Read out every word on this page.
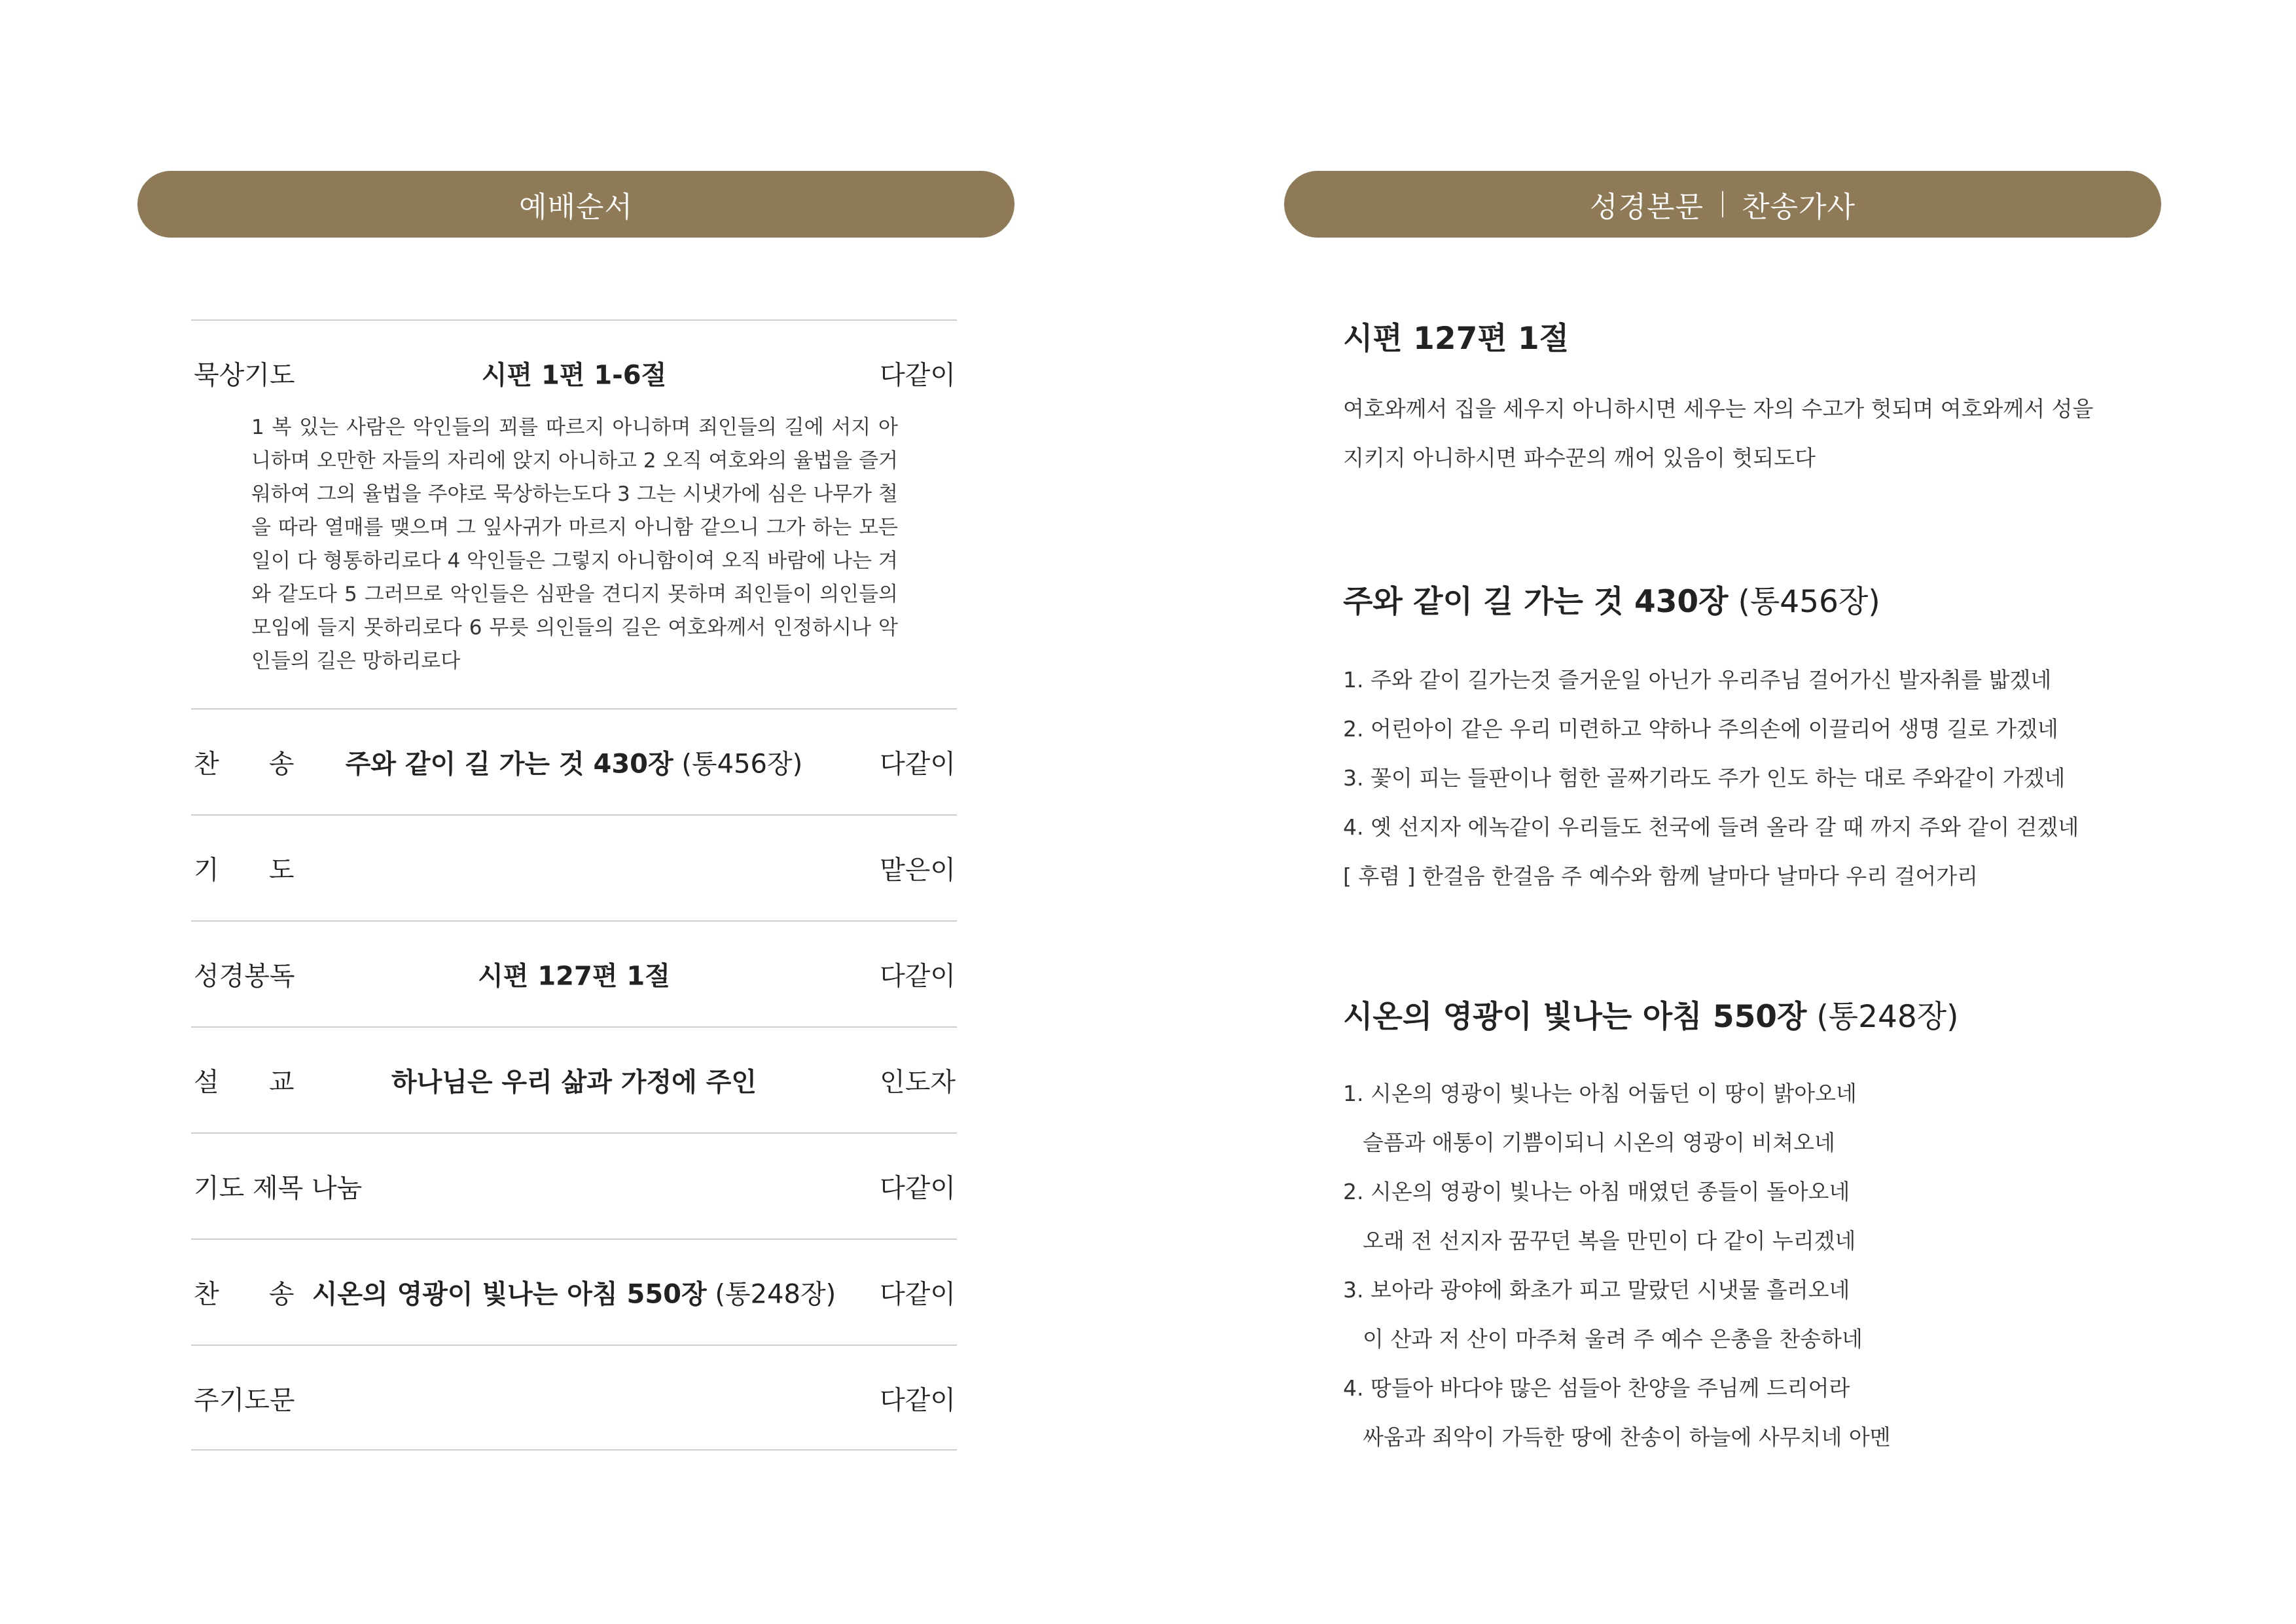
예배순서	성경본문 찬송가사
묵상기도	시편 1편 1-6절	다같이
1 복 있는 사람은 악인들의 꾀를 따르지 아니하며 죄인들의 길에 서지 아니하며 오만한 자들의 자리에 앉지 아니하고 2 오직 여호와의 율법을 즐거워하여 그의 율법을 주야로 묵상하는도다 3 그는 시냇가에 심은 나무가 철을 따라 열매를 맺으며 그 잎사귀가 마르지 아니함 같으니 그가 하는 모든 일이 다 형통하리로다 4 악인들은 그렇지 아니함이여 오직 바람에 나는 겨와 같도다 5 그러므로 악인들은 심판을 견디지 못하며 죄인들이 의인들의 모임에 들지 못하리로다 6 무릇 의인들의 길은 여호와께서 인정하시나 악인들의 길은 망하리로다
찬      송 주와 같이 길 가는 것 430장 (통456장)	다같이
기      도	맡은이
성경봉독	시편 127편 1절	다같이
설      교	하나님은 우리 삶과 가정에 주인	인도자
기도 제목 나눔	다같이
찬      송 시온의 영광이 빛나는 아침 550장 (통248장) 다같이
주기도문	다같이
시편 127편 1절
여호와께서 집을 세우지 아니하시면 세우는 자의 수고가 헛되며 여호와께서 성을
지키지 아니하시면 파수꾼의 깨어 있음이 헛되도다
주와 같이 길 가는 것 430장 (통456장)
1. 주와 같이 길가는것 즐거운일 아닌가 우리주님 걸어가신 발자취를 밟겠네
2. 어린아이 같은 우리 미련하고 약하나 주의손에 이끌리어 생명 길로 가겠네
3. 꽃이 피는 들판이나 험한 골짜기라도 주가 인도 하는 대로 주와같이 가겠네
4. 옛 선지자 에녹같이 우리들도 천국에 들려 올라 갈 때 까지 주와 같이 걷겠네
[ 후렴 ] 한걸음 한걸음 주 예수와 함께 날마다 날마다 우리 걸어가리
시온의 영광이 빛나는 아침 550장 (통248장)
1. 시온의 영광이 빛나는 아침 어둡던 이 땅이 밝아오네
슬픔과 애통이 기쁨이되니 시온의 영광이 비쳐오네
2. 시온의 영광이 빛나는 아침 매였던 종들이 돌아오네
오래 전 선지자 꿈꾸던 복을 만민이 다 같이 누리겠네
3. 보아라 광야에 화초가 피고 말랐던 시냇물 흘러오네
이 산과 저 산이 마주쳐 울려 주 예수 은총을 찬송하네
4. 땅들아 바다야 많은 섬들아 찬양을 주님께 드리어라
싸움과 죄악이 가득한 땅에 찬송이 하늘에 사무치네 아멘
